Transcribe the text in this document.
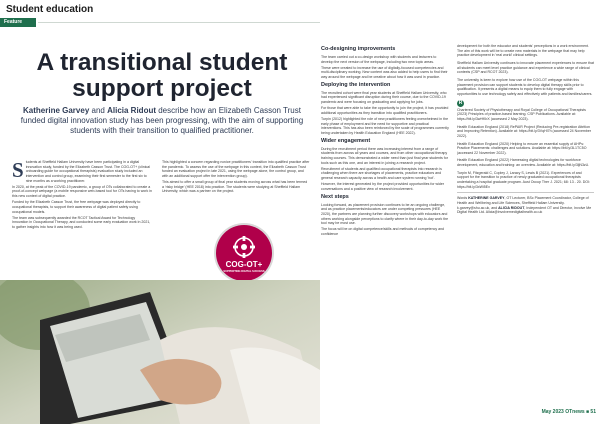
Student education
Feature
A transitional student support project
Katherine Garvey and Alicia Ridout describe how an Elizabeth Casson Trust funded digital innovation study has been progressing, with the aim of supporting students with their transition to qualified practitioner.
S tudents at Sheffield Hallam University have been participating in a digital innovation study, funded by the Elizabeth Casson Trust. The COG-OT+ (clinical onboarding guide for occupational therapists) evaluation study included an intervention and control group, examining their first semester to the first six to nine months as a working practitioner.

In 2020, at the peak of the COVID-19 pandemic, a group of OTs collaborated to create a proof-of-concept webpage (a mobile responsive web-based tool for OTs having to work in this new context of digital practice.

Funded by the Elizabeth Casson Trust, the free webpage was deployed directly to occupational therapists, to support their awareness of digital patient safety using occupational models.

The team was subsequently awarded the RCOT Tactical Award for Technology Innovation in Occupational Therapy, and conducted some early evaluation work in 2021, to gather insights into how it was being used.

This highlighted a concern regarding novice practitioners' transition into qualified practice after the pandemic. To assess the use of the webpage in this context, the Elizabeth Casson Trust funded an evaluation project in late 2021, using the webpage alone, the control group, and with an additional support offer the intervention group).

This aimed to offer a small group of final year students moving across what has been termed a 'risky bridge' (HEE 2018) into practice. The students were studying at Sheffield Hallam University, which was a partner on the project.

COG-OT+
SUPPORTING DIGITAL SUCCESS
Co-designing improvements

The team carried out a co-design workshop with students and lecturers to develop the next version of the webpage, including two new topic areas.

These were created to increase the use of digitally-focused competencies and multi-disciplinary working. New content was also added to help users to find their way around the webpage and be creative about how it was used in practice.

Deploying the intervention

The recruited cohort were final year students at Sheffield Hallam University, who had experienced significant disruption during their course, due to the COVID-19 pandemic and were focusing on graduating and applying for jobs.

For those that were able to take the opportunity to join the project, it has provided additional opportunities as they transition into qualified practitioners.

Turpin (2012) highlighted the role of new practitioners feeling overwhelmed in the early phase of employment and the need for supportive and practical interventions. This has also been reinforced by the scale of programmes currently being undertaken by Health Education England (HEE 2022).

Wider engagement

During the recruitment period there was increasing interest from a range of students from across all years and courses, and from other occupational therapy training courses. This demonstrated a wider need than just final year students for tools such as this one, and an interest in joining a research project.

Recruitment of students and qualified occupational therapists into research is challenging when there are shortages of placements, practice educators and general research capacity across a health and care system running 'hot'.

However, the interest generated by the project provided opportunities for wider conversations and a positive view of research involvement.

Next steps

Looking forward, as placement provision continues to be an ongoing challenge, and as practice placements/educators are under competing pressures (HEE 2020), the partners are planning further discovery workshops with educators and others working alongside perceptions to clarify where in their day-to-day work the tool may be most use.

The focus will be on digital competence/skills and methods of competency and confidence

development for both the educator and students' perceptions in a work environment. The aim of this work will be to create new materials in the webpage that may help practice development in 'real world' clinical settings.

Sheffield Hallam University continues to innovate placement experiences to ensure that all students can meet level practice guidance and experience a wide range of clinical contexts (CSP and RCOT 2023).

The university is keen to explore how use of the COG-OT webpage within this placement provision can support students to develop digital therapy skills prior to qualification. It presents a digital means to equip them to fully engage with opportunities to use technology safely and effectively with patients and families/carers.

R

Chartered Society of Physiotherapy and Royal College of Occupational Therapists (2023) Principles of practice-based learning. CSP Publications. Available at: https://bit.ly/3wHKbX (accessed 2 May 2023).

Health Education England (2018) RePAIR Project (Reducing Pre-registration Attrition and Improving Retention). Available at: https://bit.ly/3VqHI7h (accessed 24 November 2022).

Health Education England (2020) Helping to ensure an essential supply of AHPs: Practice Placements: challenges and solutions. Available at: https://bit.ly/3L1TC5O (accessed 22 November 2022).

Health Education England (2022) Harnessing digital technologies for workforce development, education and training: an overview. Available at: https://bit.ly/3ljN3zU.

Turpin M, Fitzgerald C, Copley J, Laracy S, Lewis B (2021). Experiences of and support for the transition to practice of newly graduated occupational therapists undertaking a hospital graduate program. Aust Occup Ther J. 2021; 68: 13 - 20. DOI: https://bit.ly/3xWi5Ex

Words KATHERINE GARVEY, OT Lecturer, BSc Placement Coordinator, College of Health and Wellbeing and Life Sciences, Sheffield Hallam University. k.garvey@shu.ac.uk, and ALICIA RIDOUT, Independent OT and Director, Involve Me Digital Health Ltd. Alicia@involvemedigitalhealth.co.uk

May 2023 OTnews ■ 51
